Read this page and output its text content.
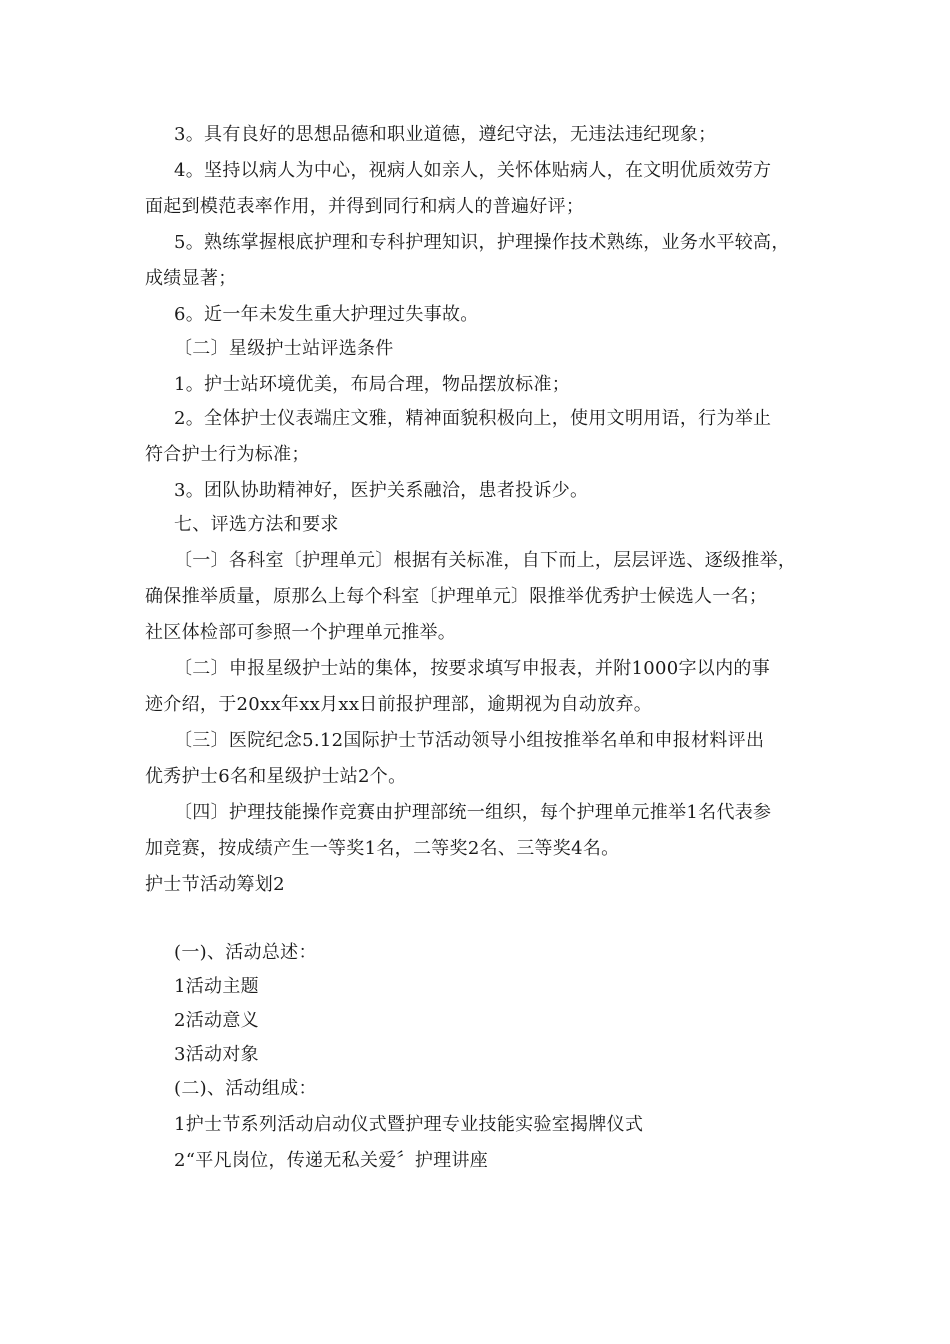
3。具有良好的思想品德和职业道德，遵纪守法，无违法违纪现象；
4。坚持以病人为中心，视病人如亲人，关怀体贴病人，在文明优质效劳方
面起到模范表率作用，并得到同行和病人的普遍好评；
5。熟练掌握根底护理和专科护理知识，护理操作技术熟练，业务水平较高，
成绩显著；
6。近一年未发生重大护理过失事故。
〔二〕星级护士站评选条件
1。护士站环境优美，布局合理，物品摆放标准；
2。全体护士仪表端庄文雅，精神面貌积极向上，使用文明用语，行为举止
符合护士行为标准；
3。团队协助精神好，医护关系融洽，患者投诉少。
七、评选方法和要求
〔一〕各科室〔护理单元〕根据有关标准，自下而上，层层评选、逐级推举，
确保推举质量，原那么上每个科室〔护理单元〕限推举优秀护士候选人一名；
社区体检部可参照一个护理单元推举。
〔二〕申报星级护士站的集体，按要求填写申报表，并附1000字以内的事
迹介绍，于20xx年xx月xx日前报护理部，逾期视为自动放弃。
〔三〕医院纪念5.12国际护士节活动领导小组按推举名单和申报材料评出
优秀护士6名和星级护士站2个。
〔四〕护理技能操作竞赛由护理部统一组织，每个护理单元推举1名代表参
加竞赛，按成绩产生一等奖1名，二等奖2名、三等奖4名。
护士节活动筹划2
(一)、活动总述：
1活动主题
2活动意义
3活动对象
(二)、活动组成：
1护士节系列活动启动仪式暨护理专业技能实验室揭牌仪式
2“平凡岗位，传递无私关爱〞护理讲座
